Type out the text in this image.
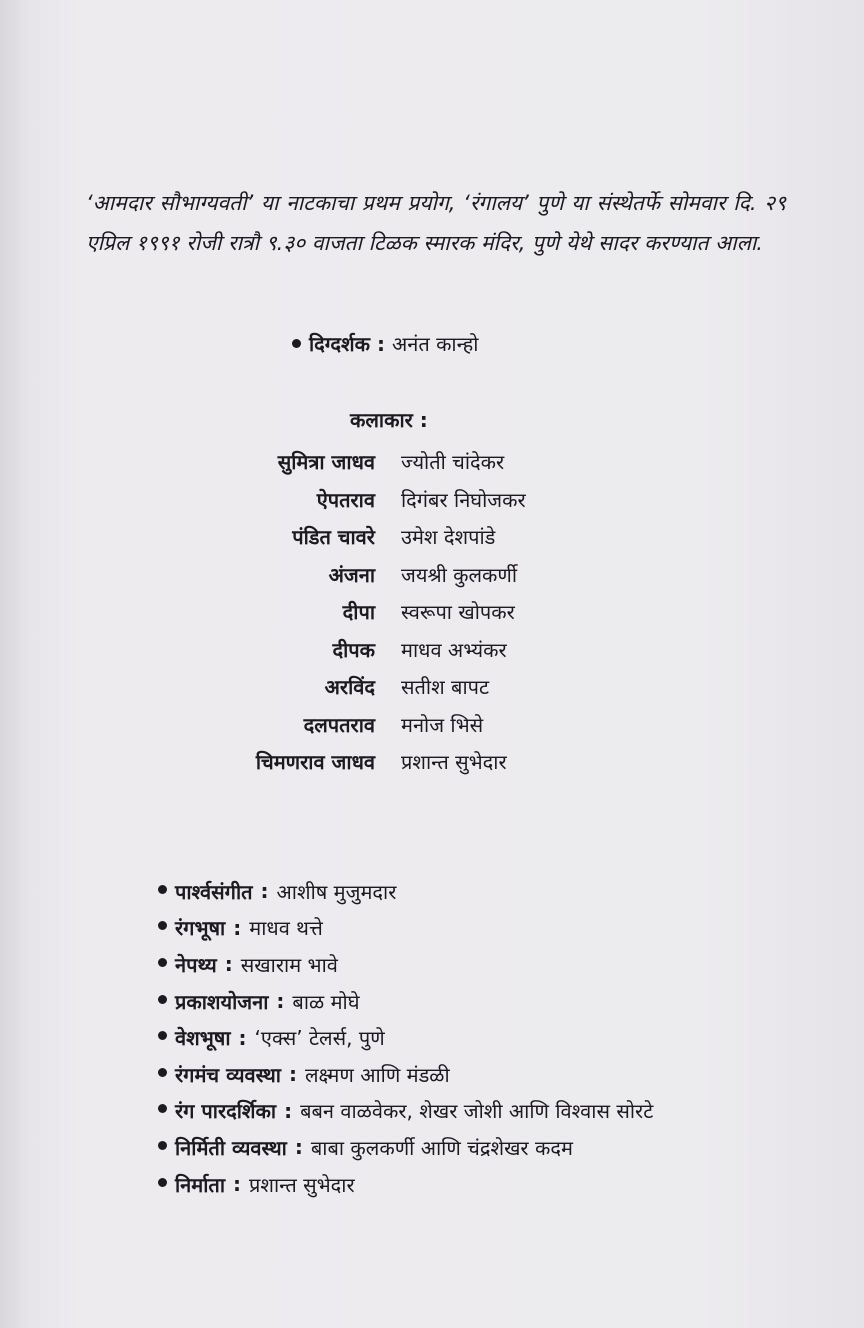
‘आमदार सौभाग्यवती’ या नाटकाचा प्रथम प्रयोग, ‘रंगालय’ पुणे या संस्थेतर्फे सोमवार दि. २९ एप्रिल १९९१ रोजी रात्रौ ९.३० वाजता टिळक स्मारक मंदिर, पुणे येथे सादर करण्यात आला.

दिग्दर्शक : अनंत कान्हो
कलाकार :
सुमित्रा जाधव ज्योती चांदेकर
ऐपतराव दिगंबर निघोजकर
पंडित चावरे उमेश देशपांडे
अंजना जयश्री कुलकर्णी
दीपा स्वरूपा खोपकर
दीपक माधव अभ्यंकर
अरविंद सतीश बापट
दलपतराव मनोज भिसे
चिमणराव जाधव प्रशान्त सुभेदार
पार्श्वसंगीत : आशीष मुजुमदार
रंगभूषा : माधव थत्ते
नेपथ्य : सखाराम भावे
प्रकाशयोजना : बाळ मोघे
वेशभूषा : ‘एक्स’ टेलर्स, पुणे
रंगमंच व्यवस्था : लक्ष्मण आणि मंडळी
रंग पारदर्शिका : बबन वाळवेकर, शेखर जोशी आणि विश्वास सोरटे
निर्मिती व्यवस्था : बाबा कुलकर्णी आणि चंद्रशेखर कदम
निर्माता : प्रशान्त सुभेदार
